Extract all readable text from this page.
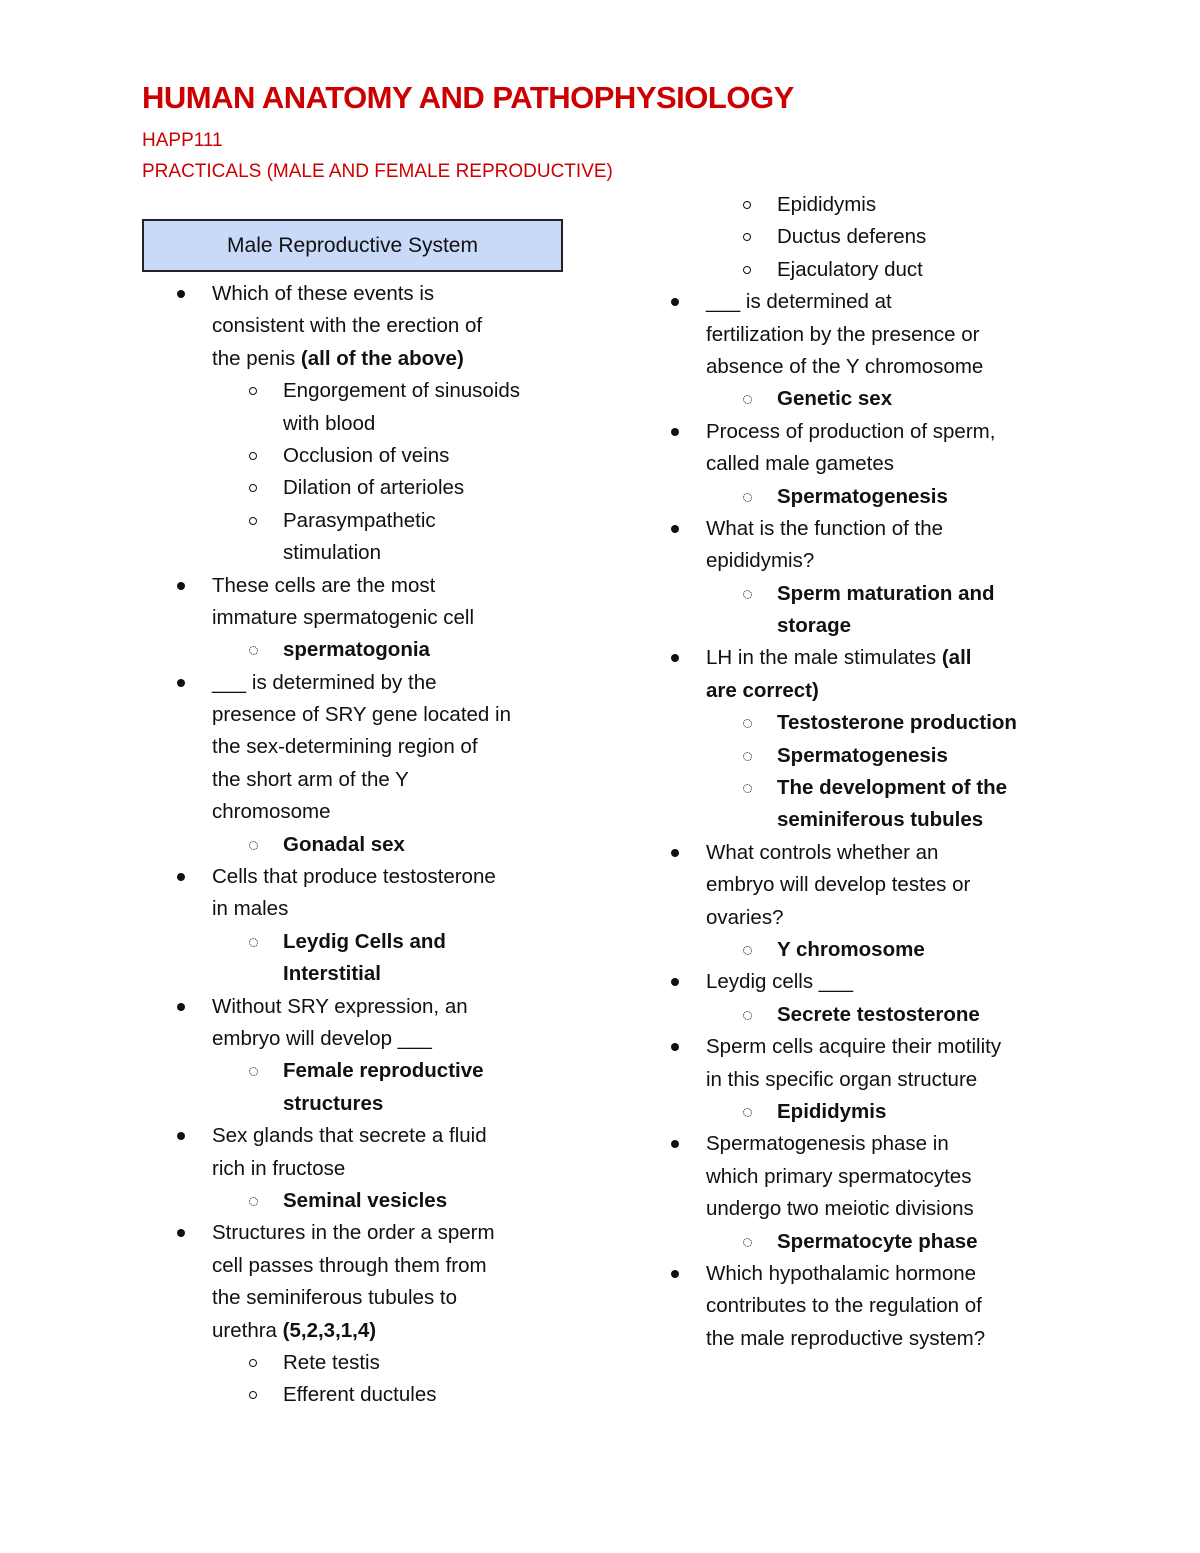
HUMAN ANATOMY AND PATHOPHYSIOLOGY
HAPP111
PRACTICALS (MALE AND FEMALE REPRODUCTIVE)
Male Reproductive System
Which of these events is
consistent with the erection of
the penis (all of the above)
Engorgement of sinusoids
with blood
Occlusion of veins
Dilation of arterioles
Parasympathetic
stimulation
These cells are the most
immature spermatogenic cell
spermatogonia
___ is determined by the
presence of SRY gene located in
the sex-determining region of
the short arm of the Y
chromosome
Gonadal sex
Cells that produce testosterone
in males
Leydig Cells and
Interstitial
Without SRY expression, an
embryo will develop ___
Female reproductive
structures
Sex glands that secrete a fluid
rich in fructose
Seminal vesicles
Structures in the order a sperm
cell passes through them from
the seminiferous tubules to
urethra (5,2,3,1,4)
Rete testis
Efferent ductules
Epididymis
Ductus deferens
Ejaculatory duct
___ is determined at
fertilization by the presence or
absence of the Y chromosome
Genetic sex
Process of production of sperm,
called male gametes
Spermatogenesis
What is the function of the
epididymis?
Sperm maturation and
storage
LH in the male stimulates (all
are correct)
Testosterone production
Spermatogenesis
The development of the
seminiferous tubules
What controls whether an
embryo will develop testes or
ovaries?
Y chromosome
Leydig cells ___
Secrete testosterone
Sperm cells acquire their motility
in this specific organ structure
Epididymis
Spermatogenesis phase in
which primary spermatocytes
undergo two meiotic divisions
Spermatocyte phase
Which hypothalamic hormone
contributes to the regulation of
the male reproductive system?
